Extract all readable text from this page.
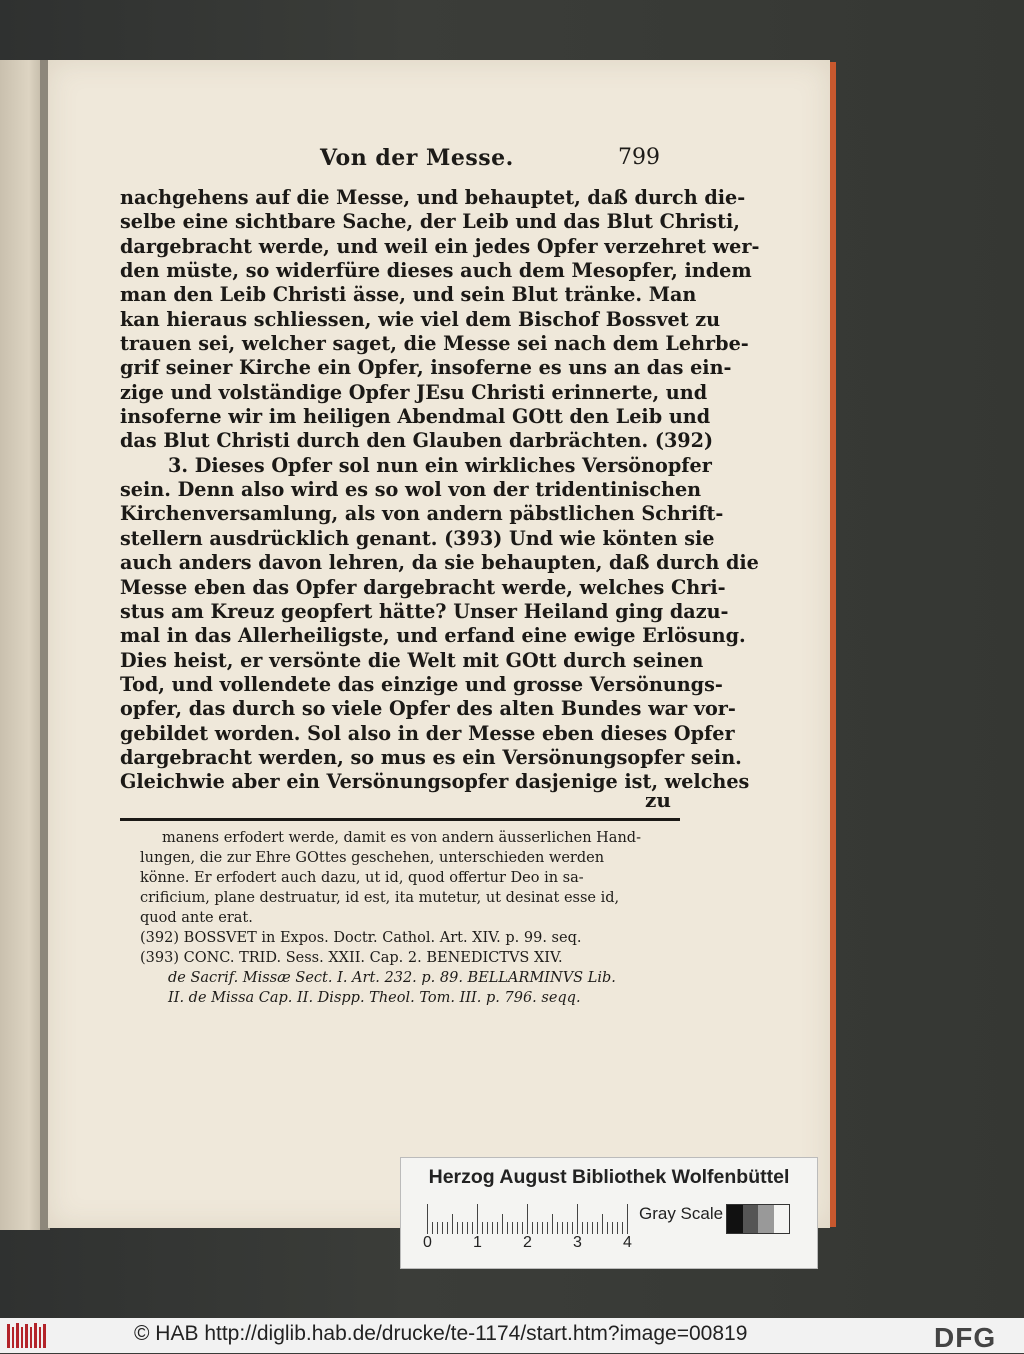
Von der Messe.	799
nachgehens auf die Messe, und behauptet, daß durch die-
selbe eine sichtbare Sache, der Leib und das Blut Christi,
dargebracht werde, und weil ein jedes Opfer verzehret wer-
den müste, so widerfüre dieses auch dem Mesopfer, indem
man den Leib Christi ässe, und sein Blut tränke. Man
kan hieraus schliessen, wie viel dem Bischof Bossvet zu
trauen sei, welcher saget, die Messe sei nach dem Lehrbe-
grif seiner Kirche ein Opfer, insoferne es uns an das ein-
zige und volständige Opfer JEsu Christi erinnerte, und
insoferne wir im heiligen Abendmal GOtt den Leib und
das Blut Christi durch den Glauben darbrächten. (392)
3. Dieses Opfer sol nun ein wirkliches Versönopfer
sein. Denn also wird es so wol von der tridentinischen
Kirchenversamlung, als von andern päbstlichen Schrift-
stellern ausdrücklich genant. (393) Und wie könten sie
auch anders davon lehren, da sie behaupten, daß durch die
Messe eben das Opfer dargebracht werde, welches Chri-
stus am Kreuz geopfert hätte? Unser Heiland ging dazu-
mal in das Allerheiligste, und erfand eine ewige Erlösung.
Dies heist, er versönte die Welt mit GOtt durch seinen
Tod, und vollendete das einzige und grosse Versönungs-
opfer, das durch so viele Opfer des alten Bundes war vor-
gebildet worden. Sol also in der Messe eben dieses Opfer
dargebracht werden, so mus es ein Versönungsopfer sein.
Gleichwie aber ein Versönungsopfer dasjenige ist, welches
zu
manens erfodert werde, damit es von andern äusserlichen Hand-
lungen, die zur Ehre GOttes geschehen, unterschieden werden
könne. Er erfodert auch dazu, ut id, quod offertur Deo in sa-
crificium, plane destruatur, id est, ita mutetur, ut desinat esse id,
quod ante erat.
(392) BOSSVET in Expos. Doctr. Cathol. Art. XIV. p. 99. seq.
(393) CONC. TRID. Sess. XXII. Cap. 2. BENEDICTVS XIV.
de Sacrif. Missæ Sect. I. Art. 232. p. 89. BELLARMINVS Lib.
II. de Missa Cap. II. Dispp. Theol. Tom. III. p. 796. seqq.
Herzog August Bibliothek Wolfenbüttel
Gray Scale
0	1	2	3	4
© HAB http://diglib.hab.de/drucke/te-1174/start.htm?image=00819	DFG
